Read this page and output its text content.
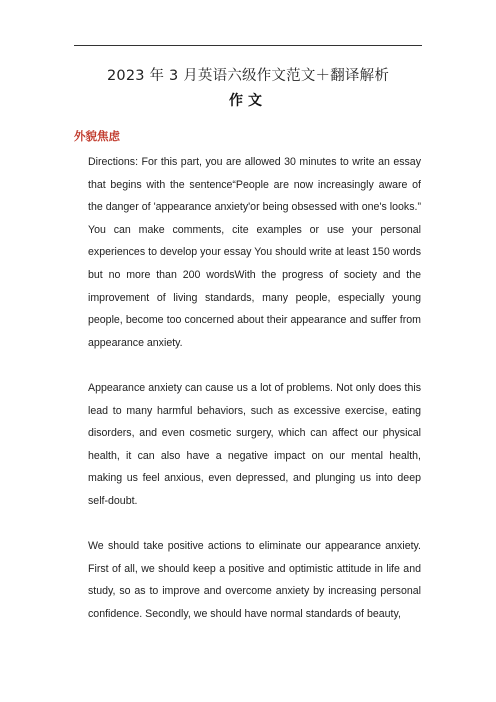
2023 年 3 月英语六级作文范文＋翻译解析
作文
外貌焦虑

Directions: For this part, you are allowed 30 minutes to write an essay that begins with the sentence“People are now increasingly aware of the danger of 'appearance anxiety'or being obsessed with one's looks.” You can make comments, cite examples or use your personal experiences to develop your essay You should write at least 150 words but no more than 200 wordsWith the progress of society and the improvement of living standards, many people, especially young people, become too concerned about their appearance and suffer from appearance anxiety.

Appearance anxiety can cause us a lot of problems. Not only does this lead to many harmful behaviors, such as excessive exercise, eating disorders, and even cosmetic surgery, which can affect our physical health, it can also have a negative impact on our mental health, making us feel anxious, even depressed, and plunging us into deep self-doubt.

We should take positive actions to eliminate our appearance anxiety. First of all, we should keep a positive and optimistic attitude in life and study, so as to improve and overcome anxiety by increasing personal confidence. Secondly, we should have normal standards of beauty,
